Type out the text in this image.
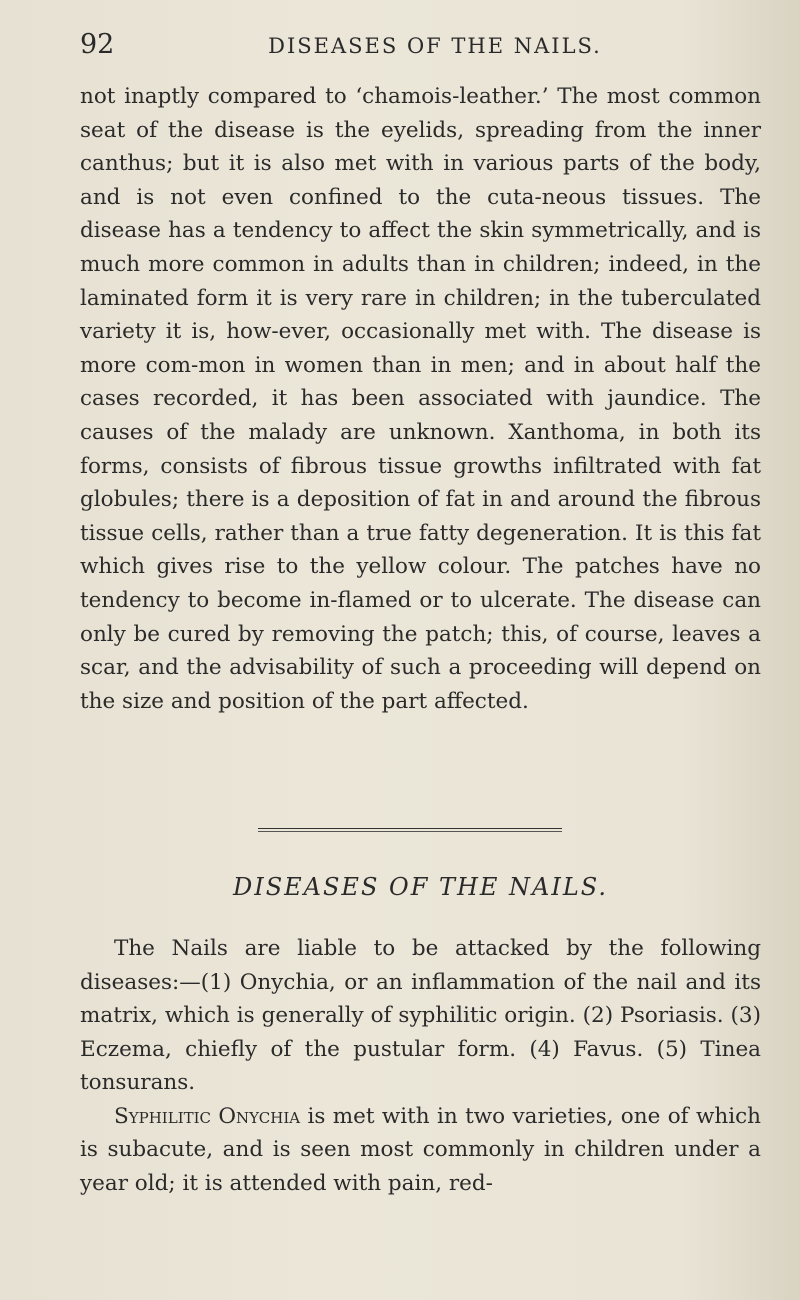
92	DISEASES OF THE NAILS.

not inaptly compared to ‘chamois-leather.’ The most common seat of the disease is the eyelids, spreading from the inner canthus; but it is also met with in various parts of the body, and is not even confined to the cuta-neous tissues. The disease has a tendency to affect the skin symmetrically, and is much more common in adults than in children; indeed, in the laminated form it is very rare in children; in the tuberculated variety it is, how-ever, occasionally met with. The disease is more com-mon in women than in men; and in about half the cases recorded, it has been associated with jaundice. The causes of the malady are unknown. Xanthoma, in both its forms, consists of fibrous tissue growths infiltrated with fat globules; there is a deposition of fat in and around the fibrous tissue cells, rather than a true fatty degeneration. It is this fat which gives rise to the yellow colour. The patches have no tendency to become in-flamed or to ulcerate. The disease can only be cured by removing the patch; this, of course, leaves a scar, and the advisability of such a proceeding will depend on the size and position of the part affected.

DISEASES OF THE NAILS.

The Nails are liable to be attacked by the following diseases:—(1) Onychia, or an inflammation of the nail and its matrix, which is generally of syphilitic origin. (2) Psoriasis. (3) Eczema, chiefly of the pustular form. (4) Favus. (5) Tinea tonsurans.

Syphilitic Onychia is met with in two varieties, one of which is subacute, and is seen most commonly in children under a year old; it is attended with pain, red-
